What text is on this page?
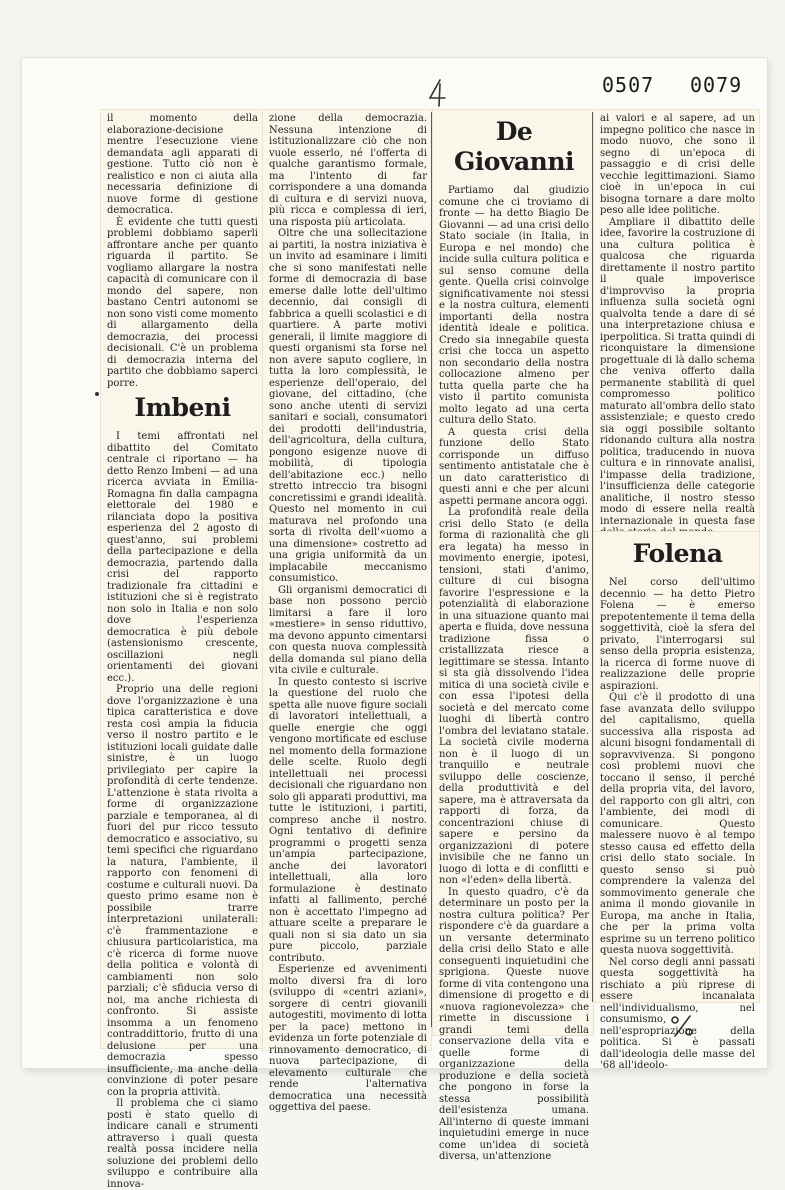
0507 0079

il momento della elaborazione-decisione mentre l'esecuzione viene demandata agli apparati di gestione. Tutto ciò non è realistico e non ci aiuta alla necessaria definizione di nuove forme di gestione democratica.

È evidente che tutti questi problemi dobbiamo saperli affrontare anche per quanto riguarda il partito. Se vogliamo allargare la nostra capacità di comunicare con il mondo del sapere, non bastano Centri autonomi se non sono visti come momento di allargamento della democrazia, dei processi decisionali. C'è un problema di democrazia interna del partito che dobbiamo saperci porre.

Imbeni

I temi affrontati nel dibattito del Comitato centrale ci riportano — ha detto Renzo Imbeni — ad una ricerca avviata in Emilia-Romagna fin dalla campagna elettorale del 1980 e rilanciata dopo la positiva esperienza del 2 agosto di quest'anno, sui problemi della partecipazione e della democrazia, partendo dalla crisi del rapporto tradizionale fra cittadini e istituzioni che si è registrato non solo in Italia e non solo dove l'esperienza democratica è più debole (astensionismo crescente, oscillazioni negli orientamenti dei giovani ecc.).

Proprio una delle regioni dove l'organizzazione è una tipica caratteristica e dove resta così ampia la fiducia verso il nostro partito e le istituzioni locali guidate dalle sinistre, è un luogo privilegiato per capire la profondità di certe tendenze. L'attenzione è stata rivolta a forme di organizzazione parziale e temporanea, al di fuori del pur ricco tessuto democratico e associativo, su temi specifici che riguardano la natura, l'ambiente, il rapporto con fenomeni di costume e culturali nuovi. Da questo primo esame non è possibile trarre interpretazioni unilaterali: c'è frammentazione e chiusura particolaristica, ma c'è ricerca di forme nuove della politica e volontà di cambiamenti non solo parziali; c'è sfiducia verso di noi, ma anche richiesta di confronto. Si assiste insomma a un fenomeno contraddittorio, frutto di una delusione per una democrazia spesso insufficiente, ma anche della convinzione di poter pesare con la propria attività.

Il problema che ci siamo posti è stato quello di indicare canali e strumenti attraverso i quali questa realtà possa incidere nella soluzione dei problemi dello sviluppo e contribuire alla innova-

zione della democrazia. Nessuna intenzione di istituzionalizzare ciò che non vuole esserlo, né l'offerta di qualche garantismo formale, ma l'intento di far corrispondere a una domanda di cultura e di servizi nuova, più ricca e complessa di ieri, una risposta più articolata.

Oltre che una sollecitazione ai partiti, la nostra iniziativa è un invito ad esaminare i limiti che si sono manifestati nelle forme di democrazia di base emerse dalle lotte dell'ultimo decennio, dai consigli di fabbrica a quelli scolastici e di quartiere. A parte motivi generali, il limite maggiore di questi organismi sta forse nel non avere saputo cogliere, in tutta la loro complessità, le esperienze dell'operaio, del giovane, del cittadino, (che sono anche utenti di servizi sanitari e sociali, consumatori dei prodotti dell'industria, dell'agricoltura, della cultura, pongono esigenze nuove di mobilità, di tipologia dell'abitazione ecc.) nello stretto intreccio tra bisogni concretissimi e grandi idealità. Questo nel momento in cui maturava nel profondo una sorta di rivolta dell'«uomo a una dimensione» costretto ad una grigia uniformità da un implacabile meccanismo consumistico.

Gli organismi democratici di base non possono perciò limitarsi a fare il loro «mestiere» in senso riduttivo, ma devono appunto cimentarsi con questa nuova complessità della domanda sul piano della vita civile e culturale.

In questo contesto si iscrive la questione del ruolo che spetta alle nuove figure sociali di lavoratori intellettuali, a quelle energie che oggi vengono mortificate ed escluse nel momento della formazione delle scelte. Ruolo degli intellettuali nei processi decisionali che riguardano non solo gli apparati produttivi, ma tutte le istituzioni, i partiti, compreso anche il nostro. Ogni tentativo di definire programmi o progetti senza un'ampia partecipazione, anche dei lavoratori intellettuali, alla loro formulazione è destinato infatti al fallimento, perché non è accettato l'impegno ad attuare scelte a preparare le quali non si sia dato un sia pure piccolo, parziale contributo.

Esperienze ed avvenimenti molto diversi fra di loro (sviluppo di «centri aziani», sorgere di centri giovanili autogestiti, movimento di lotta per la pace) mettono in evidenza un forte potenziale di rinnovamento democratico, di nuova partecipazione, di elevamento culturale che rende l'alternativa democratica una necessità oggettiva del paese.

De Giovanni

Partiamo dal giudizio comune che ci troviamo di fronte — ha detto Biagio De Giovanni — ad una crisi dello Stato sociale (in Italia, in Europa e nel mondo) che incide sulla cultura politica e sul senso comune della gente. Quella crisi coinvolge significativamente noi stessi e la nostra cultura, elementi importanti della nostra identità ideale e politica. Credo sia innegabile questa crisi che tocca un aspetto non secondario della nostra collocazione almeno per tutta quella parte che ha visto il partito comunista molto legato ad una certa cultura dello Stato.

A questa crisi della funzione dello Stato corrisponde un diffuso sentimento antistatale che è un dato caratteristico di questi anni e che per alcuni aspetti permane ancora oggi.

La profondità reale della crisi dello Stato (e della forma di razionalità che gli era legata) ha messo in movimento energie, ipotesi, tensioni, stati d'animo, culture di cui bisogna favorire l'espressione e la potenzialità di elaborazione in una situazione quanto mai aperta e fluida, dove nessuna tradizione fissa o cristallizzata riesce a legittimare se stessa. Intanto si sta già dissolvendo l'idea mitica di una società civile e con essa l'ipotesi della società e del mercato come luoghi di libertà contro l'ombra del leviatano statale. La società civile moderna non è il luogo di un tranquillo e neutrale sviluppo delle coscienze, della produttività e del sapere, ma è attraversata da rapporti di forza, da concentrazioni chiuse di sapere e persino da organizzazioni di potere invisibile che ne fanno un luogo di lotta e di conflitti e non «l'eden» della libertà.

In questo quadro, c'è da determinare un posto per la nostra cultura politica? Per rispondere c'è da guardare a un versante determinato della crisi dello Stato e alle conseguenti inquietudini che sprigiona. Queste nuove forme di vita contengono una dimensione di progetto e di «nuova ragionevolezza» che rimette in discussione i grandi temi della conservazione della vita e quelle forme di organizzazione della produzione e della società che pongono in forse la stessa possibilità dell'esistenza umana. All'interno di queste immani inquietudini emerge in nuce come un'idea di società diversa, un'attenzione

ai valori e al sapere, ad un impegno politico che nasce in modo nuovo, che sono il segno di un'epoca di passaggio e di crisi delle vecchie legittimazioni. Siamo cioè in un'epoca in cui bisogna tornare a dare molto peso alle idee politiche.

Ampliare il dibattito delle idee, favorire la costruzione di una cultura politica è qualcosa che riguarda direttamente il nostro partito il quale impoverisce d'improvviso la propria influenza sulla società ogni qualvolta tende a dare di sé una interpretazione chiusa e iperpolitica. Si tratta quindi di riconquistare la dimensione progettuale di là dallo schema che veniva offerto dalla permanente stabilità di quel compromesso politico maturato all'ombra dello stato assistenziale; e questo credo sia oggi possibile soltanto ridonando cultura alla nostra politica, traducendo in nuova cultura e in rinnovate analisi, l'impasse della tradizione, l'insufficienza delle categorie analitiche, il nostro stesso modo di essere nella realtà internazionale in questa fase

Folena

Nel corso dell'ultimo decennio — ha detto Pietro Folena — è emerso prepotentemente il tema della soggettività, cioè la sfera del privato, l'interrogarsi sul senso della propria esistenza, la ricerca di forme nuove di realizzazione delle proprie aspirazioni.

Qui c'è il prodotto di una fase avanzata dello sviluppo del capitalismo, quella successiva alla risposta ad alcuni bisogni fondamentali di sopravvivenza. Si pongono così problemi nuovi che toccano il senso, il perché della propria vita, del lavoro, del rapporto con gli altri, con l'ambiente, dei modi di comunicare. Questo malessere nuovo è al tempo stesso causa ed effetto della crisi dello stato sociale. In questo senso si può comprendere la valenza del sommovimento generale che anima il mondo giovanile in Europa, ma anche in Italia, che per la prima volta esprime su un terreno politico questa nuova soggettività.

Nel corso degli anni passati questa soggettività ha rischiato a più riprese di essere incanalata nell'individualismo, nel consumismo, nell'espropriazione della politica. Si è passati dall'ideologia delle masse del '68 all'ideolo-
